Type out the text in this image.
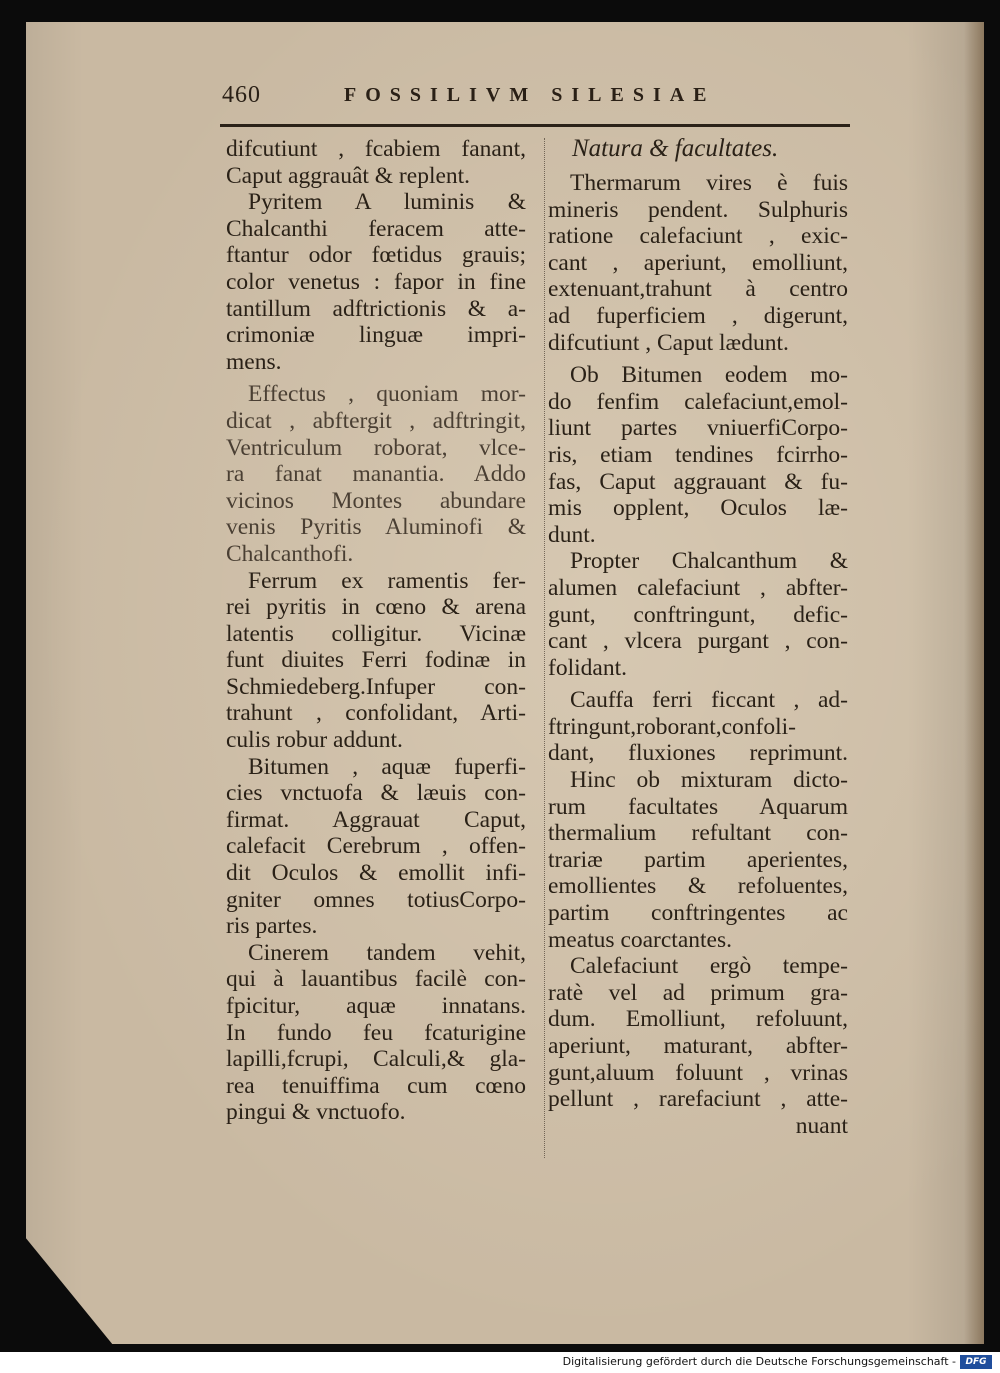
460	FOSSILIVM SILESIAE
difcutiunt , fcabiem fanant,
Caput aggrauât & replent.
Pyritem A luminis &
Chalcanthi feracem atte-
ftantur odor fœtidus grauis;
color venetus : fapor in fine
tantillum adftrictionis & a-
crimoniæ linguæ impri-
mens.
Effectus , quoniam mor-
dicat , abftergit , adftringit,
Ventriculum roborat, vlce-
ra fanat manantia. Addo
vicinos Montes abundare
venis Pyritis Aluminofi &
Chalcanthofi.
Ferrum ex ramentis fer-
rei pyritis in cœno & arena
latentis colligitur. Vicinæ
funt diuites Ferri fodinæ in
Schmiedeberg.Infuper con-
trahunt , confolidant, Arti-
culis robur addunt.
Bitumen , aquæ fuperfi-
cies vnctuofa & læuis con-
firmat. Aggrauat Caput,
calefacit Cerebrum , offen-
dit Oculos & emollit infi-
gniter omnes totiusCorpo-
ris partes.
Cinerem tandem vehit,
qui à lauantibus facilè con-
fpicitur, aquæ innatans.
In fundo feu fcaturigine
lapilli,fcrupi, Calculi,& gla-
rea tenuiffima cum cœno
pingui & vnctuofo.
Natura & facultates.
Thermarum vires è fuis
mineris pendent. Sulphuris
ratione calefaciunt , exic-
cant , aperiunt, emolliunt,
extenuant,trahunt à centro
ad fuperficiem , digerunt,
difcutiunt , Caput lædunt.
Ob Bitumen eodem mo-
do fenfim calefaciunt,emol-
liunt partes vniuerfiCorpo-
ris, etiam tendines fcirrho-
fas, Caput aggrauant & fu-
mis opplent, Oculos læ-
dunt.
Propter Chalcanthum &
alumen calefaciunt , abfter-
gunt, conftringunt, defic-
cant , vlcera purgant , con-
folidant.
Cauffa ferri ficcant , ad-
ftringunt,roborant,confoli-
dant, fluxiones reprimunt.
Hinc ob mixturam dicto-
rum facultates Aquarum
thermalium refultant con-
trariæ partim aperientes,
emollientes & refoluentes,
partim conftringentes ac
meatus coarctantes.
Calefaciunt ergò tempe-
ratè vel ad primum gra-
dum. Emolliunt, refoluunt,
aperiunt, maturant, abfter-
gunt,aluum foluunt , vrinas
pellunt , rarefaciunt , atte-
nuant
Digitalisierung gefördert durch die Deutsche Forschungsgemeinschaft -	DFG
